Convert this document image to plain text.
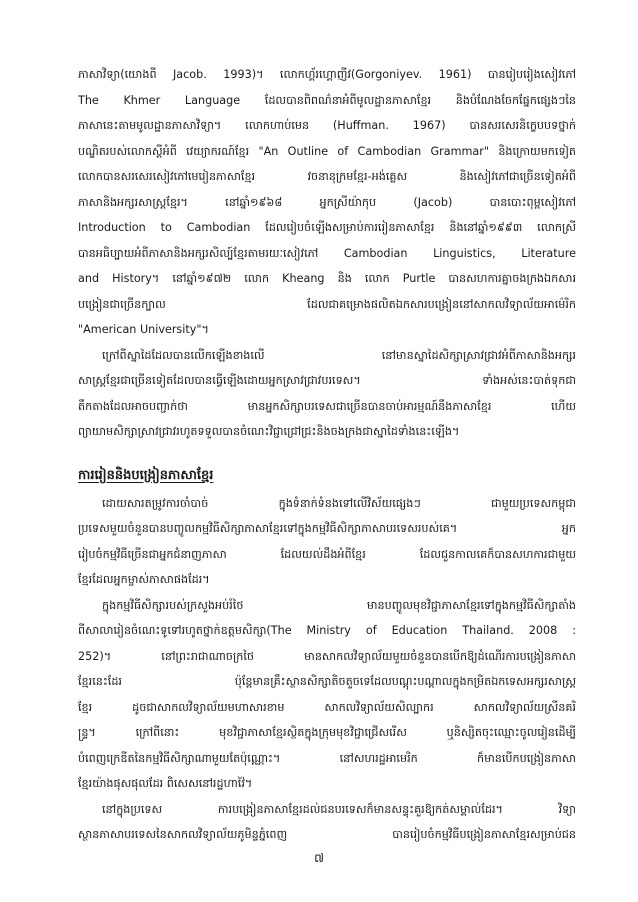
ភាសាវិទ្យា(យោងពី Jacob. 1993)។ លោកហ្គ័រហ្គោញីវ(Gorgoniyev. 1961) បានរៀបរៀងសៀវភៅ
The Khmer Language ដែលបានពិពណ៌នាអំពីមូលដ្ឋានភាសាខ្មែរ និងបំណែងចែកផ្នែកផ្សេងៗនៃ
ភាសានេះតាមមូលដ្ឋានភាសាវិទ្យា។ លោកហាប់មេន (Huffman. 1967) បានសរសេរនិក្ខេបបទថ្នាក់
បណ្ឌិតរបស់លោកស្ដីអំពី វេយ្យាករណ៍ខ្មែរ "An Outline of Cambodian Grammar" និងក្រោយមកទៀត
លោកបានសរសេរសៀវភៅមេរៀនភាសាខ្មែរ វចនានុក្រមខ្មែរ-អង់គ្លេស និងសៀវភៅជាច្រើនទៀតអំពី
ភាសានិងអក្សរសាស្ត្រខ្មែរ។ នៅឆ្នាំ១៩៦៨ អ្នកស្រីយ៉ាកុប (Jacob) បានបោះពុម្ពសៀវភៅ
Introduction to Cambodian ដែលរៀបចំឡើងសម្រាប់ការរៀនភាសាខ្មែរ និងនៅឆ្នាំ១៩៩៣ លោកស្រី
បានអធិប្បាយអំពីភាសានិងអក្សរសិល្ប៍ខ្មែរតាមរយៈសៀវភៅ Cambodian Linguistics, Literature
and History។ នៅឆ្នាំ១៩៧២ លោក Kheang និង លោក Purtle បានសហការគ្នាចងក្រងឯកសារ
បង្រៀនជាច្រើនក្បាល ដែលជាគម្រោងផលិតឯកសារបង្រៀននៅសាកលវិទ្យាល័យអាម៉េរិក
"American University"។
ក្រៅពីស្នាដៃដែលបានលើកឡើងខាងលើ នៅមានស្នាដៃសិក្សាស្រាវជ្រាវអំពីភាសានិងអក្សរ
សាស្ត្រខ្មែរជាច្រើនទៀតដែលបានធ្វើឡើងដោយអ្នកស្រាវជ្រាវបរទេស។ ទាំងអស់នេះបាត់ទុកជា
តឹកតាងដែលអាចបញ្ជាក់ថា មានអ្នកសិក្សាបរទេសជាច្រើនបានចាប់អារម្មណ៍នឹងភាសាខ្មែរ ហើយ
ព្យាយាមសិក្សាស្រាវជ្រាវរហូតទទួលបានចំណេះវិជ្ជាជ្រៅជ្រះនិងចងក្រងជាស្នាដៃទាំងនេះឡើង។
ការរៀននិងបង្រៀនភាសាខ្មែរ
ដោយសារតម្រូវការចាំបាច់ ក្នុងទំនាក់ទំនងទៅលើវិស័យផ្សេងៗ ជាមួយប្រទេសកម្ពុជា
ប្រទេសមួយចំនួនបានបញ្ចូលកម្មវិធីសិក្សាភាសាខ្មែរទៅក្នុងកម្មវិធីសិក្សាភាសាបរទេសរបស់គេ។ អ្នក
រៀបចំកម្មវិធីច្រើនជាអ្នកជំនាញភាសា ដែលយល់ដឹងអំពីខ្មែរ ដែលជួនកាលគេក៏បានសហការជាមួយ
ខ្មែរដែលអ្នកម្ចាស់ភាសាផងដែរ។
ក្នុងកម្មវិធីសិក្សារបស់ក្រសួងអប់រំថៃ មានបញ្ចូលមុខវិជ្ជាភាសាខ្មែរទៅក្នុងកម្មវិធីសិក្សាតាំង
ពីសាលារៀនចំណេះទូទៅរហូតថ្នាក់ឧត្តមសិក្សា(The Ministry of Education Thailand. 2008 :
252)។ នៅព្រះរាជាណាចក្រថៃ មានសាកលវិទ្យាល័យមួយចំនួនបានបើកឱ្យដំណើរការបង្រៀនភាសា
ខ្មែរនេះដែរ ប៉ុន្តែមានគ្រឹះស្ថានសិក្សាតិចតួចទេដែលបណ្ដុះបណ្ដាលក្នុងកម្រិតឯកទេសអក្សរសាស្ត្រ
ខ្មែរ ដូចជាសាកលវិទ្យាល័យមហាសារខាម សាកលវិទ្យាល័យសិល្បាករ សាកលវិទ្យាល័យស្រីនគរិ
ន្ទ្រ។ ក្រៅពីនោះ មុខវិជ្ជាភាសាខ្មែរស្ថិតក្នុងក្រុមមុខវិជ្ជាជ្រើសរើស ឬនិស្សិតចុះឈ្មោះចូលរៀនដើម្បី
បំពេញក្រេឌីតនៃកម្មវិធីសិក្សាណាមួយតែប៉ុណ្ណោះ។ នៅសហរដ្ឋអាមេរិក ក៏មានបើកបង្រៀនភាសា
ខ្មែរយ៉ាងផុសផុលដែរ ពិសេសនៅរដ្ឋហាវ៉ៃ។
នៅក្នុងប្រទេស ការបង្រៀនភាសាខ្មែរដល់ជនបរទេសក៏មានសន្ទុះគួរឱ្យកត់សម្គាល់ដែរ។ វិទ្យា
ស្ថានភាសាបរទេសនៃសាកលវិទ្យាល័យភូមិន្ទភ្នំពេញ បានរៀបចំកម្មវិធីបង្រៀនភាសាខ្មែរសម្រាប់ជន
៧
